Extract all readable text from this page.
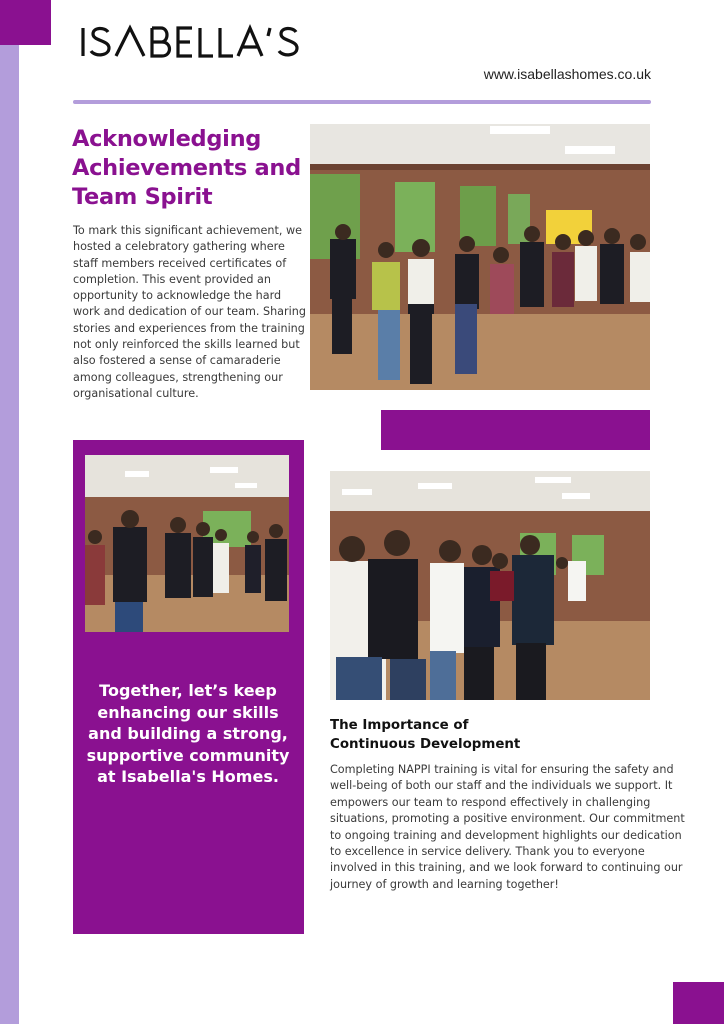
www.isabellashomes.co.uk
Acknowledging Achievements and Team Spirit
To mark this significant achievement, we hosted a celebratory gathering where staff members received certificates of completion. This event provided an opportunity to acknowledge the hard work and dedication of our team. Sharing stories and experiences from the training not only reinforced the skills learned but also fostered a sense of camaraderie among colleagues, strengthening our organisational culture.
Together, let’s keep enhancing our skills and building a strong, supportive community at Isabella's Homes.
The Importance of
Continuous Development
Completing NAPPI training is vital for ensuring the safety and well-being of both our staff and the individuals we support. It empowers our team to respond effectively in challenging situations, promoting a positive environment. Our commitment to ongoing training and development highlights our dedication to excellence in service delivery. Thank you to everyone involved in this training, and we look forward to continuing our journey of growth and learning together!
